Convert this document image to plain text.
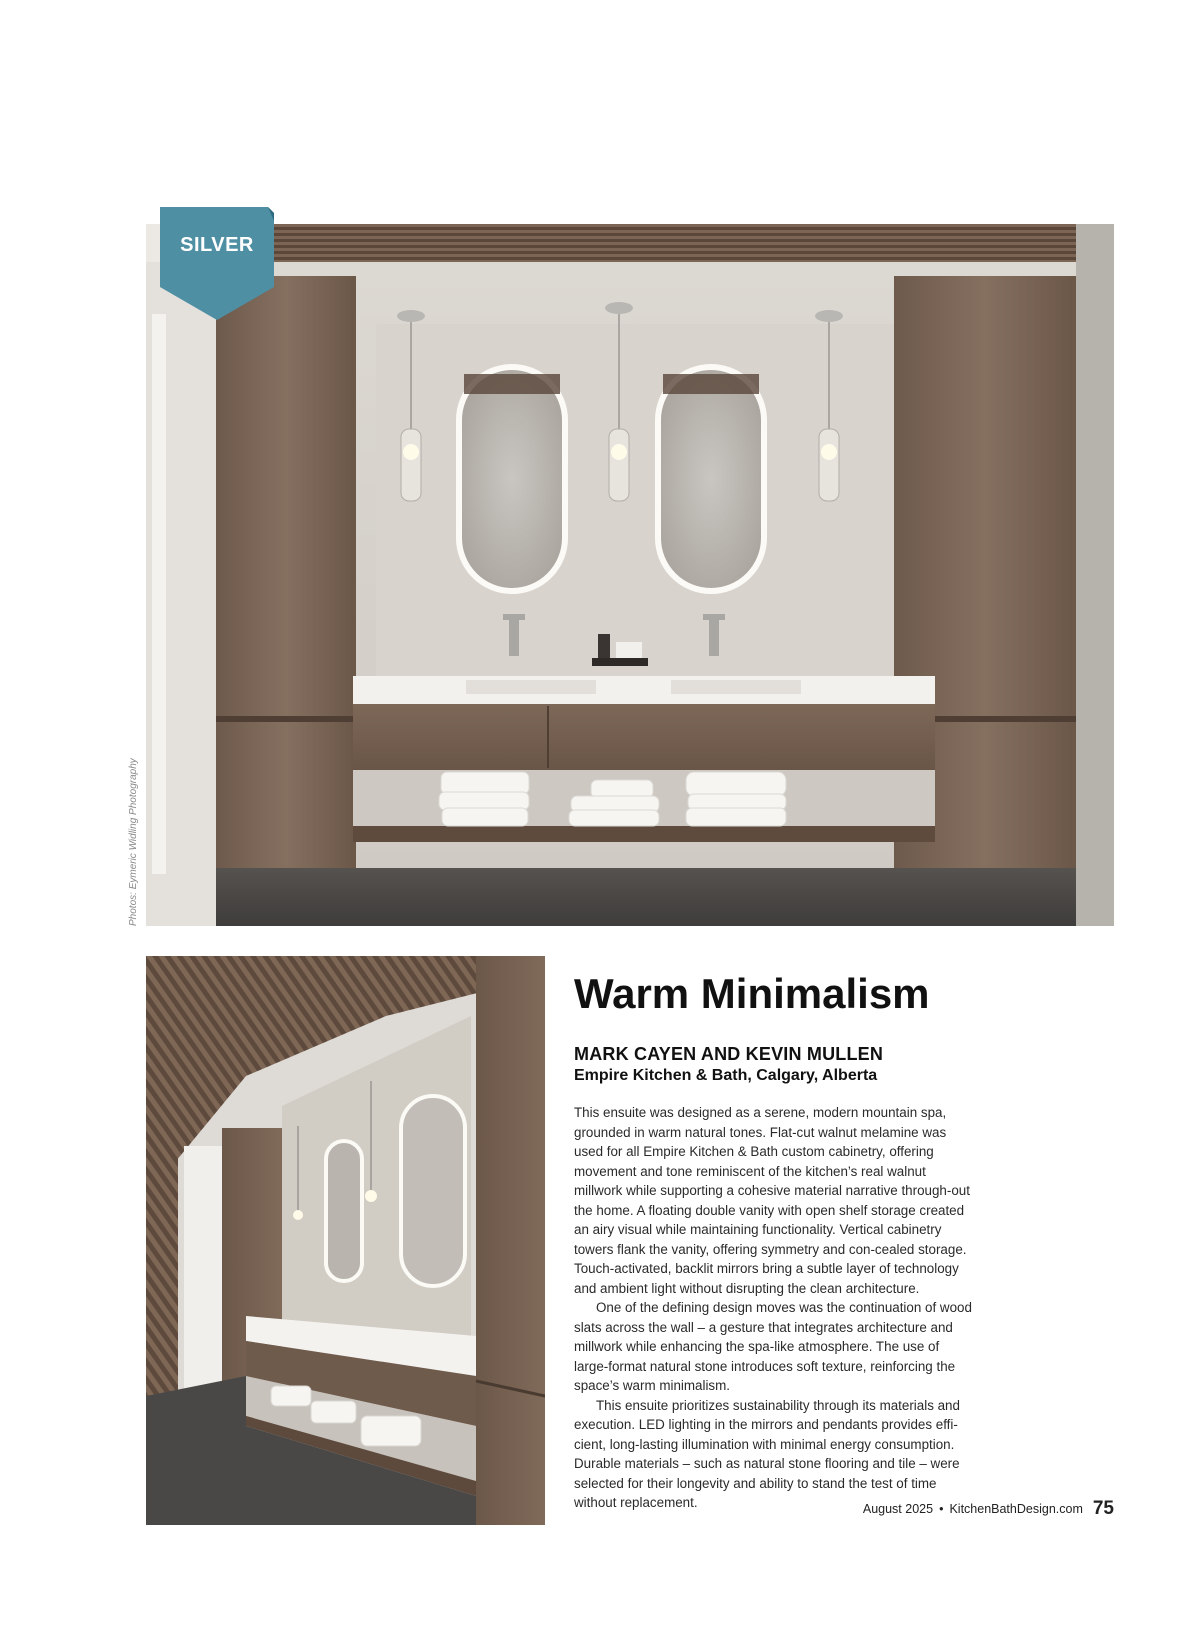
SILVER
Photos: Eymeric Widling Photography
Warm Minimalism
MARK CAYEN AND KEVIN MULLEN
Empire Kitchen & Bath, Calgary, Alberta

This ensuite was designed as a serene, modern mountain spa, grounded in warm natural tones. Flat-cut walnut melamine was used for all Empire Kitchen & Bath custom cabinetry, offering movement and tone reminiscent of the kitchen’s real walnut millwork while supporting a cohesive material narrative through-out the home. A floating double vanity with open shelf storage created an airy visual while maintaining functionality. Vertical cabinetry towers flank the vanity, offering symmetry and con-cealed storage. Touch-activated, backlit mirrors bring a subtle layer of technology and ambient light without disrupting the clean architecture.

One of the defining design moves was the continuation of wood slats across the wall – a gesture that integrates architecture and millwork while enhancing the spa-like atmosphere. The use of large-format natural stone introduces soft texture, reinforcing the space’s warm minimalism.

This ensuite prioritizes sustainability through its materials and execution. LED lighting in the mirrors and pendants provides effi-cient, long-lasting illumination with minimal energy consumption. Durable materials – such as natural stone flooring and tile – were selected for their longevity and ability to stand the test of time without replacement.	August 2025 • KitchenBathDesign.com 75
